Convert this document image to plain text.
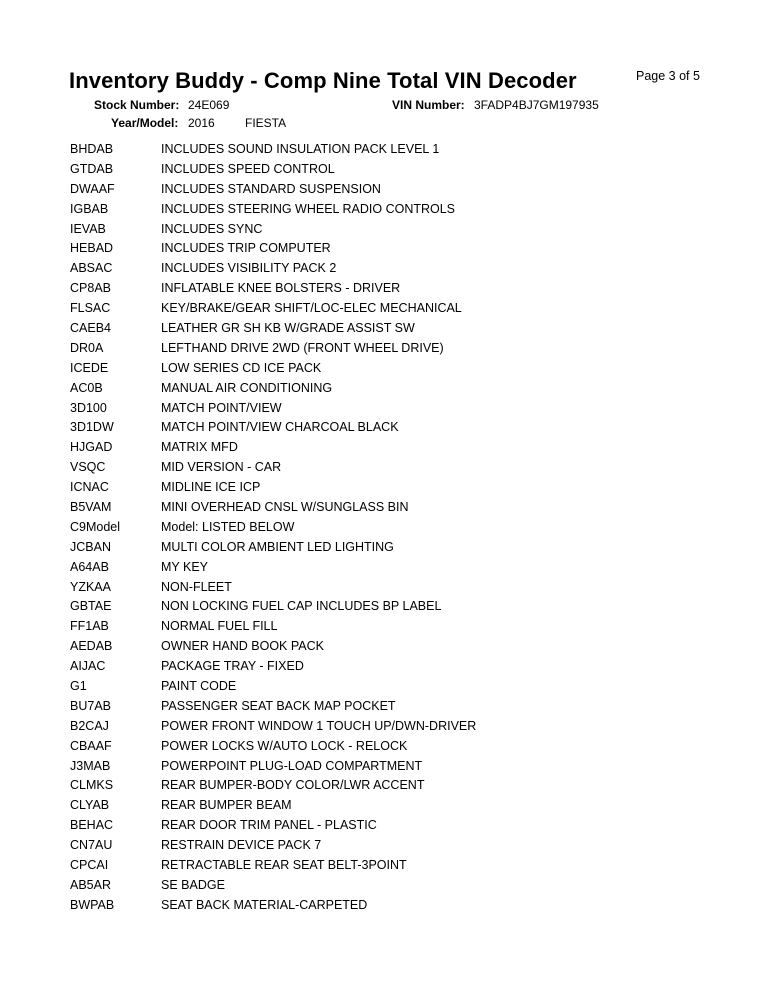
Inventory Buddy - Comp Nine Total VIN Decoder	Page 3 of 5
Stock Number: 24E069	VIN Number: 3FADP4BJ7GM197935
Year/Model: 2016	FIESTA
BHDAB	INCLUDES SOUND INSULATION PACK LEVEL 1
GTDAB	INCLUDES SPEED CONTROL
DWAAF	INCLUDES STANDARD SUSPENSION
IGBAB	INCLUDES STEERING WHEEL RADIO CONTROLS
IEVAB	INCLUDES SYNC
HEBAD	INCLUDES TRIP COMPUTER
ABSAC	INCLUDES VISIBILITY PACK 2
CP8AB	INFLATABLE KNEE BOLSTERS - DRIVER
FLSAC	KEY/BRAKE/GEAR SHIFT/LOC-ELEC MECHANICAL
CAEB4	LEATHER GR SH KB W/GRADE ASSIST SW
DR0A	LEFTHAND DRIVE 2WD (FRONT WHEEL DRIVE)
ICEDE	LOW SERIES CD ICE PACK
AC0B	MANUAL AIR CONDITIONING
3D100	MATCH POINT/VIEW
3D1DW	MATCH POINT/VIEW CHARCOAL BLACK
HJGAD	MATRIX MFD
VSQC	MID VERSION - CAR
ICNAC	MIDLINE ICE ICP
B5VAM	MINI OVERHEAD CNSL W/SUNGLASS BIN
C9Model	Model: LISTED BELOW
JCBAN	MULTI COLOR AMBIENT LED LIGHTING
A64AB	MY KEY
YZKAA	NON-FLEET
GBTAE	NON LOCKING FUEL CAP INCLUDES BP LABEL
FF1AB	NORMAL FUEL FILL
AEDAB	OWNER HAND BOOK PACK
AIJAC	PACKAGE TRAY - FIXED
G1	PAINT CODE
BU7AB	PASSENGER SEAT BACK MAP POCKET
B2CAJ	POWER FRONT WINDOW 1 TOUCH UP/DWN-DRIVER
CBAAF	POWER LOCKS W/AUTO LOCK - RELOCK
J3MAB	POWERPOINT PLUG-LOAD COMPARTMENT
CLMKS	REAR BUMPER-BODY COLOR/LWR ACCENT
CLYAB	REAR BUMPER BEAM
BEHAC	REAR DOOR TRIM PANEL - PLASTIC
CN7AU	RESTRAIN DEVICE PACK 7
CPCAI	RETRACTABLE REAR SEAT BELT-3POINT
AB5AR	SE BADGE
BWPAB	SEAT BACK MATERIAL-CARPETED
